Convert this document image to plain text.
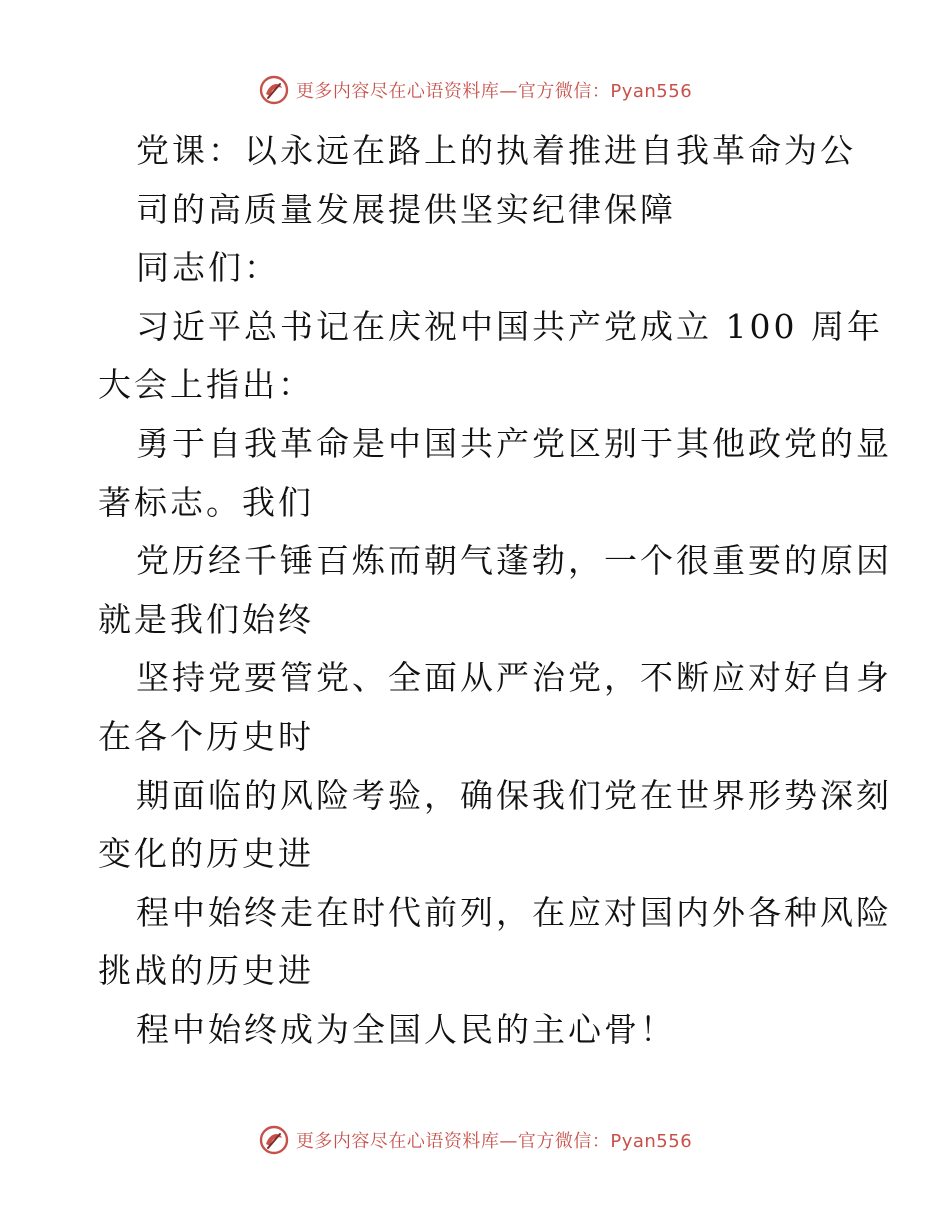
更多内容尽在心语资料库—官方微信：Pyan556
党课：以永远在路上的执着推进自我革命为公
司的高质量发展提供坚实纪律保障
同志们：
习近平总书记在庆祝中国共产党成立 100 周年
大会上指出：
勇于自我革命是中国共产党区别于其他政党的显
著标志。我们
党历经千锤百炼而朝气蓬勃，一个很重要的原因
就是我们始终
坚持党要管党、全面从严治党，不断应对好自身
在各个历史时
期面临的风险考验，确保我们党在世界形势深刻
变化的历史进
程中始终走在时代前列，在应对国内外各种风险
挑战的历史进
程中始终成为全国人民的主心骨！
更多内容尽在心语资料库—官方微信：Pyan556
